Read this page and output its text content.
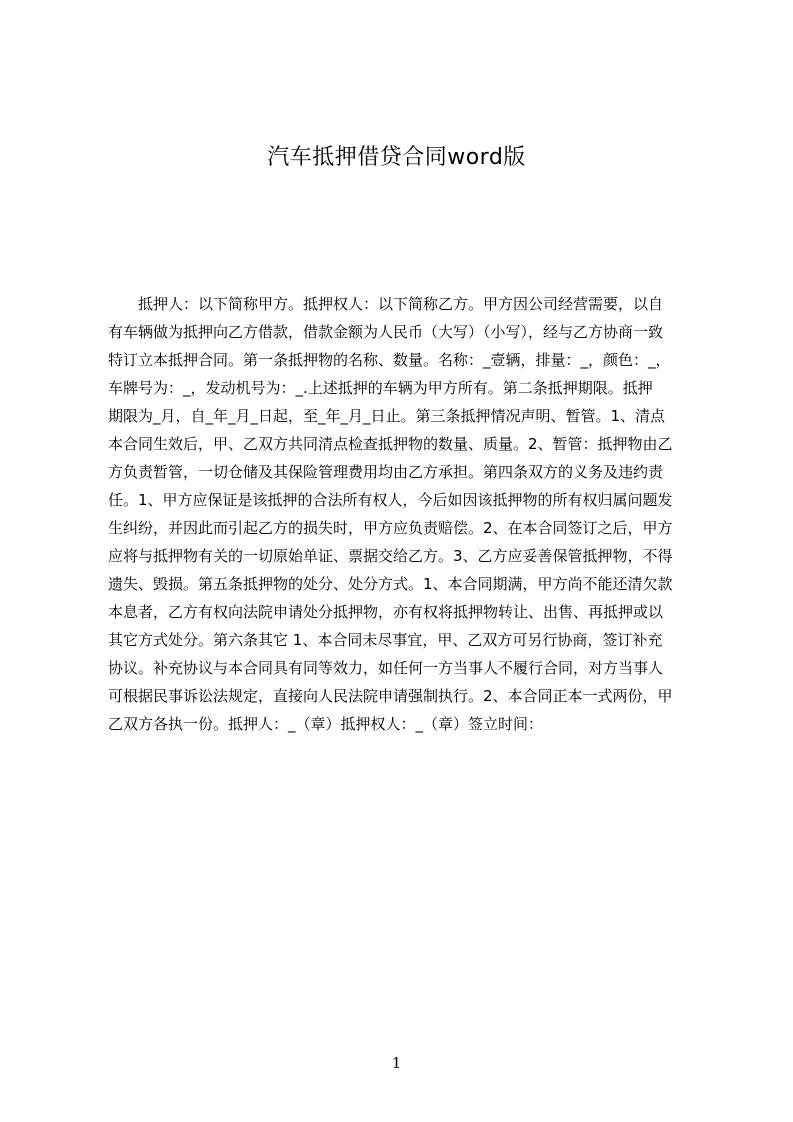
汽车抵押借贷合同word版
抵押人：以下简称甲方。抵押权人：以下简称乙方。甲方因公司经营需要，以自
有车辆做为抵押向乙方借款，借款金额为人民币（大写）（小写），经与乙方协商一致
特订立本抵押合同。第一条抵押物的名称、数量。名称：_壹辆，排量：_，颜色：_，
车牌号为：_，发动机号为：_.上述抵押的车辆为甲方所有。第二条抵押期限。抵押
期限为_月，自_年_月_日起，至_年_月_日止。第三条抵押情况声明、暂管。1、清点
本合同生效后，甲、乙双方共同清点检查抵押物的数量、质量。2、暂管：抵押物由乙
方负责暂管，一切仓储及其保险管理费用均由乙方承担。第四条双方的义务及违约责
任。1、甲方应保证是该抵押的合法所有权人，今后如因该抵押物的所有权归属问题发
生纠纷，并因此而引起乙方的损失时，甲方应负责赔偿。2、在本合同签订之后，甲方
应将与抵押物有关的一切原始单证、票据交给乙方。3、乙方应妥善保管抵押物，不得
遗失、毁损。第五条抵押物的处分、处分方式。1、本合同期满，甲方尚不能还清欠款
本息者，乙方有权向法院申请处分抵押物，亦有权将抵押物转让、出售、再抵押或以
其它方式处分。第六条其它 1、本合同未尽事宜，甲、乙双方可另行协商，签订补充
协议。补充协议与本合同具有同等效力，如任何一方当事人不履行合同，对方当事人
可根据民事诉讼法规定，直接向人民法院申请强制执行。2、本合同正本一式两份，甲
乙双方各执一份。抵押人：_（章）抵押权人：_（章）签立时间：
1
